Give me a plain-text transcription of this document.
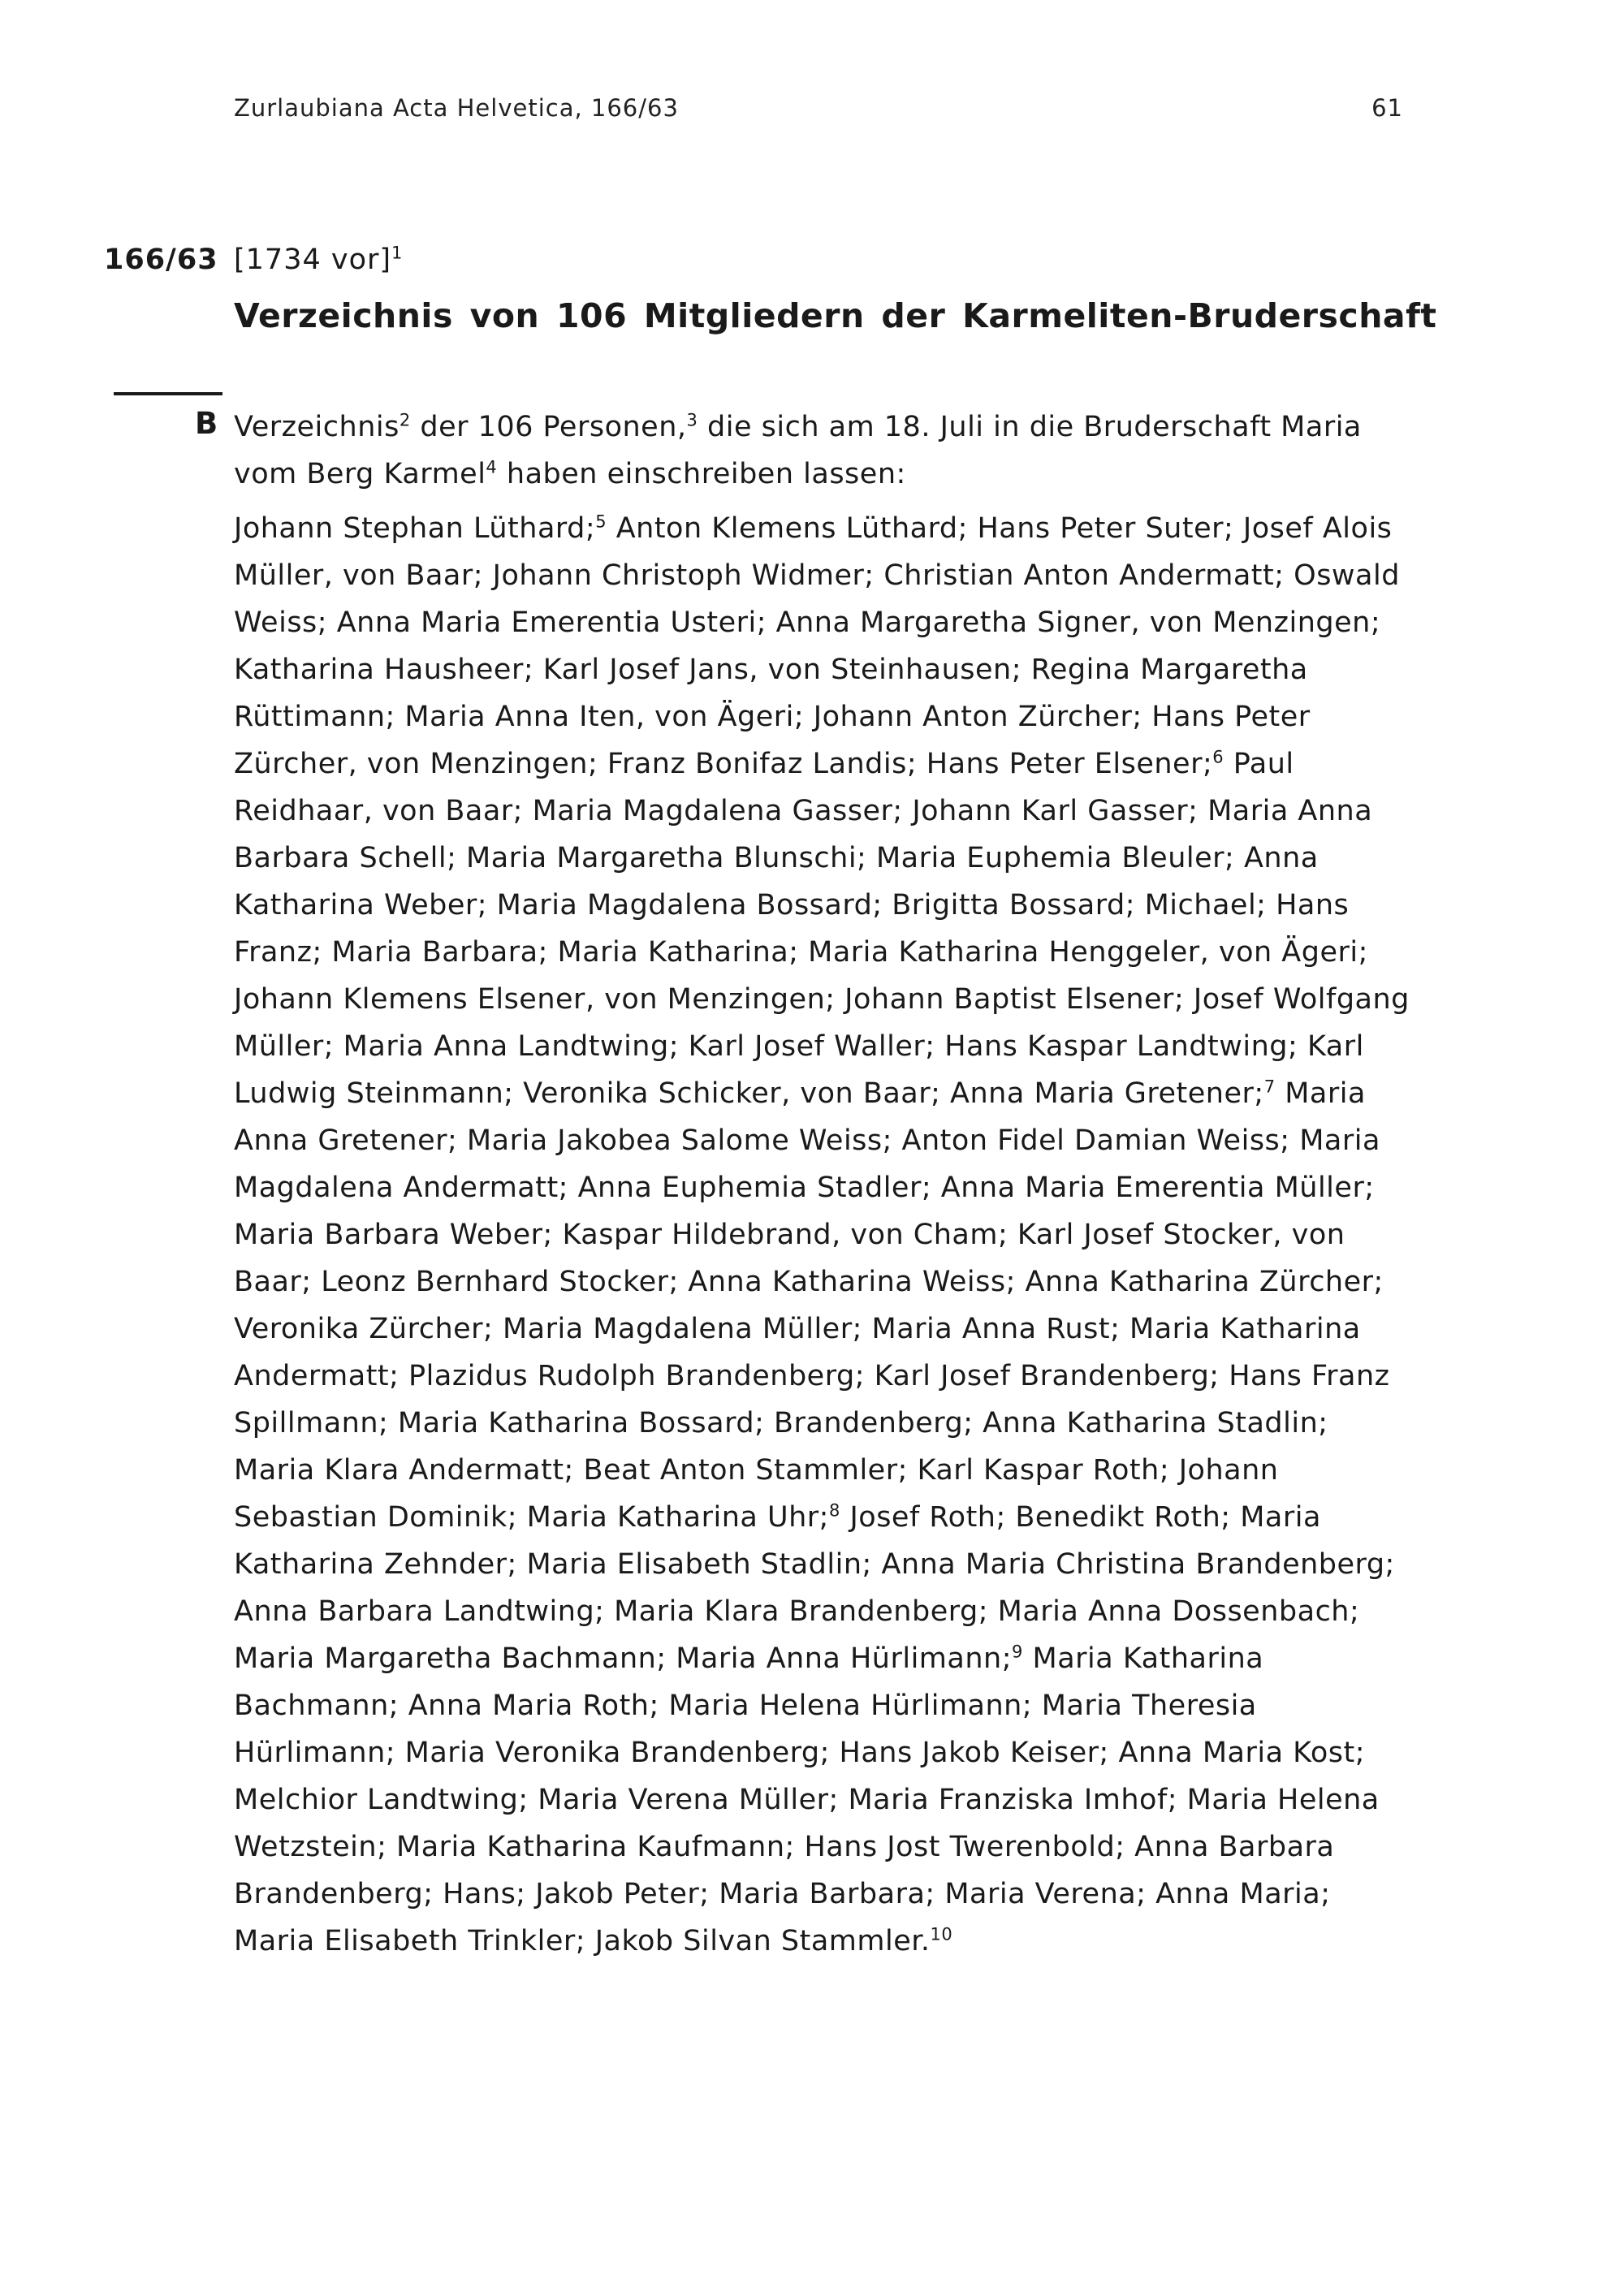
Zurlaubiana Acta Helvetica, 166/63	61
166/63 [1734 vor]$^1$
Verzeichnis von 106 Mitgliedern der Karmeliten-Bruderschaft
B Verzeichnis$^2$ der 106 Personen,$^3$ die sich am 18. Juli in die Bruderschaft Maria vom Berg Karmel$^4$ haben einschreiben lassen:

Johann Stephan Lüthard;$^5$ Anton Klemens Lüthard; Hans Peter Suter; Josef Alois Müller, von Baar; Johann Christoph Widmer; Christian Anton Andermatt; Oswald Weiss; Anna Maria Emerentia Usteri; Anna Margaretha Signer, von Menzingen; Katharina Hausheer; Karl Josef Jans, von Steinhausen; Regina Margaretha Rüttimann; Maria Anna Iten, von Ägeri; Johann Anton Zürcher; Hans Peter Zürcher, von Menzingen; Franz Bonifaz Landis; Hans Peter Elsener;$^6$ Paul Reidhaar, von Baar; Maria Magdalena Gasser; Johann Karl Gasser; Maria Anna Barbara Schell; Maria Margaretha Blunschi; Maria Euphemia Bleuler; Anna Katharina Weber; Maria Magdalena Bossard; Brigitta Bossard; Michael; Hans Franz; Maria Barbara; Maria Katharina; Maria Katharina Henggeler, von Ägeri; Johann Klemens Elsener, von Menzingen; Johann Baptist Elsener; Josef Wolfgang Müller; Maria Anna Landtwing; Karl Josef Waller; Hans Kaspar Landtwing; Karl Ludwig Steinmann; Veronika Schicker, von Baar; Anna Maria Gretener;$^7$ Maria Anna Gretener; Maria Jakobea Salome Weiss; Anton Fidel Damian Weiss; Maria Magdalena Andermatt; Anna Euphemia Stadler; Anna Maria Emerentia Müller; Maria Barbara Weber; Kaspar Hildebrand, von Cham; Karl Josef Stocker, von Baar; Leonz Bernhard Stocker; Anna Katharina Weiss; Anna Katharina Zürcher; Veronika Zürcher; Maria Magdalena Müller; Maria Anna Rust; Maria Katharina Andermatt; Plazidus Rudolph Brandenberg; Karl Josef Brandenberg; Hans Franz Spillmann; Maria Katharina Bossard; Brandenberg; Anna Katharina Stadlin; Maria Klara Andermatt; Beat Anton Stammler; Karl Kaspar Roth; Johann Sebastian Dominik; Maria Katharina Uhr;$^8$ Josef Roth; Benedikt Roth; Maria Katharina Zehnder; Maria Elisabeth Stadlin; Anna Maria Christina Brandenberg; Anna Barbara Landtwing; Maria Klara Brandenberg; Maria Anna Dossenbach; Maria Margaretha Bachmann; Maria Anna Hürlimann;$^9$ Maria Katharina Bachmann; Anna Maria Roth; Maria Helena Hürlimann; Maria Theresia Hürlimann; Maria Veronika Brandenberg; Hans Jakob Keiser; Anna Maria Kost; Melchior Landtwing; Maria Verena Müller; Maria Franziska Imhof; Maria Helena Wetzstein; Maria Katharina Kaufmann; Hans Jost Twerenbold; Anna Barbara Brandenberg; Hans; Jakob Peter; Maria Barbara; Maria Verena; Anna Maria; Maria Elisabeth Trinkler; Jakob Silvan Stammler.$^{10}$
